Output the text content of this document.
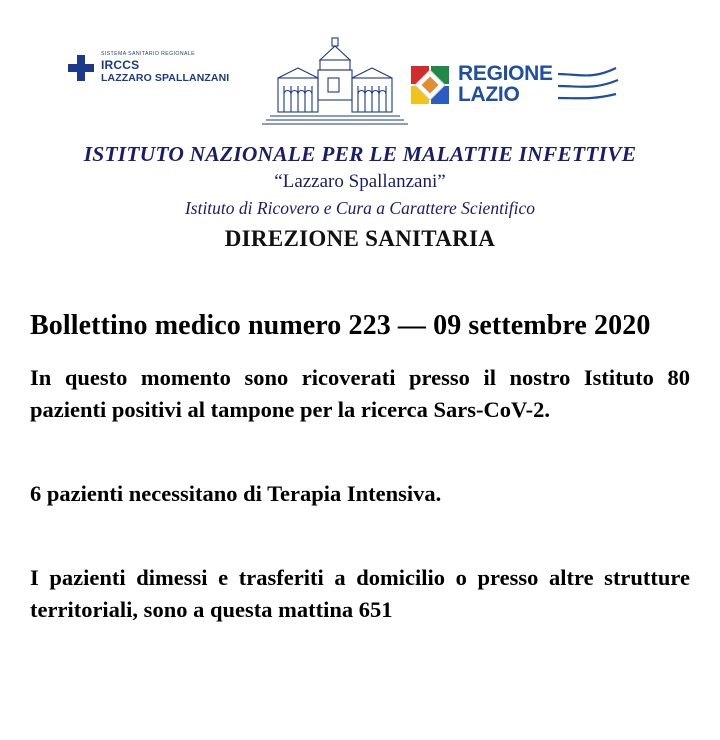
SISTEMA SANITARIO REGIONALE
IRCCS
LAZZARO SPALLANZANI	REGIONE
LAZIO
ISTITUTO NAZIONALE PER LE MALATTIE INFETTIVE
“Lazzaro Spallanzani”
Istituto di Ricovero e Cura a Carattere Scientifico
DIREZIONE SANITARIA
Bollettino medico numero 223 — 09 settembre 2020
In questo momento sono ricoverati presso il nostro Istituto 80 pazienti positivi al tampone per la ricerca Sars-CoV-2.
6 pazienti necessitano di Terapia Intensiva.
I pazienti dimessi e trasferiti a domicilio o presso altre strutture territoriali, sono a questa mattina 651
